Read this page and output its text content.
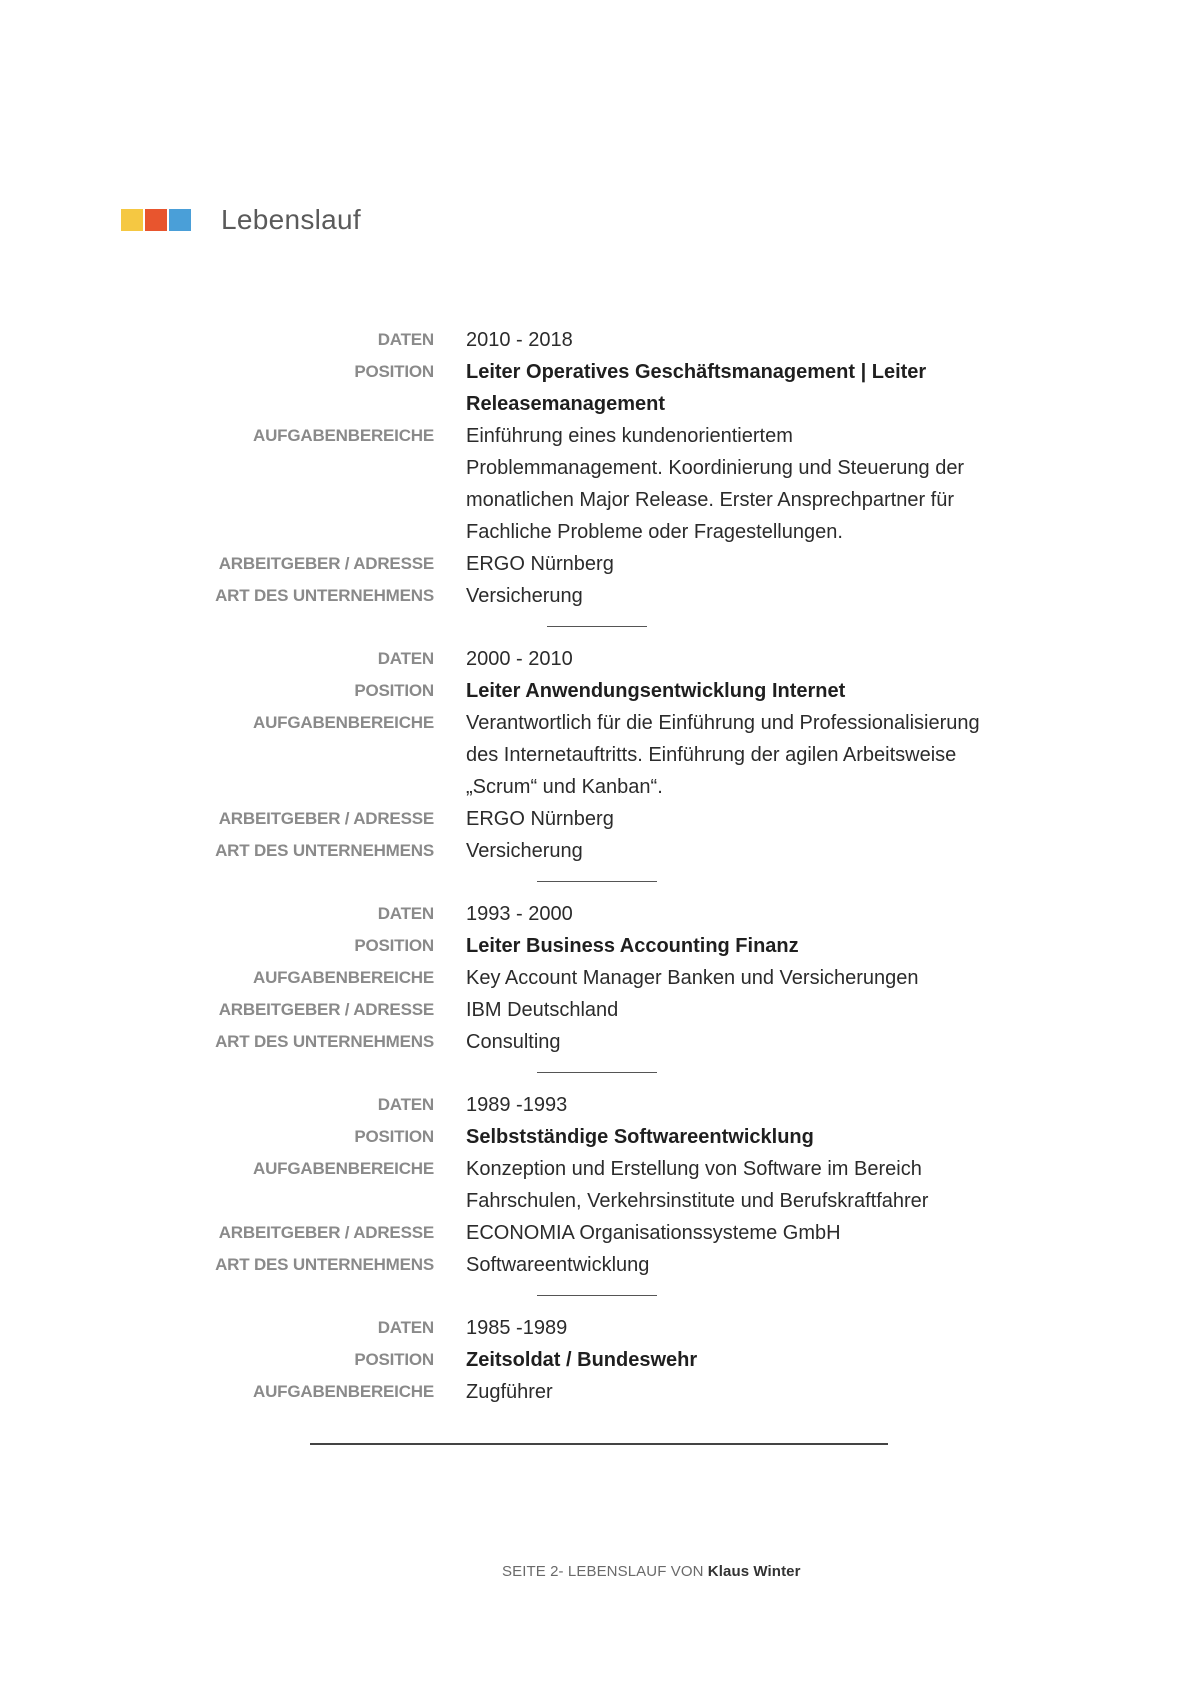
Lebenslauf
DATEN	2010 - 2018
POSITION	Leiter Operatives Geschäftsmanagement | Leiter Releasemanagement
AUFGABENBEREICHE	Einführung eines kundenorientiertem Problemmanagement. Koordinierung und Steuerung der monatlichen Major Release. Erster Ansprechpartner für Fachliche Probleme oder Fragestellungen.
ARBEITGEBER / ADRESSE	ERGO Nürnberg
ART DES UNTERNEHMENS	Versicherung
DATEN	2000 - 2010
POSITION	Leiter Anwendungsentwicklung Internet
AUFGABENBEREICHE	Verantwortlich für die Einführung und Professionalisierung des Internetauftritts. Einführung der agilen Arbeitsweise „Scrum“ und Kanban“.
ARBEITGEBER / ADRESSE	ERGO Nürnberg
ART DES UNTERNEHMENS	Versicherung
DATEN	1993 - 2000
POSITION	Leiter Business Accounting Finanz
AUFGABENBEREICHE	Key Account Manager Banken und Versicherungen
ARBEITGEBER / ADRESSE	IBM Deutschland
ART DES UNTERNEHMENS	Consulting
DATEN	1989 -1993
POSITION	Selbstständige Softwareentwicklung
AUFGABENBEREICHE	Konzeption und Erstellung von Software im Bereich Fahrschulen, Verkehrsinstitute und Berufskraftfahrer
ARBEITGEBER / ADRESSE	ECONOMIA Organisationssysteme GmbH
ART DES UNTERNEHMENS	Softwareentwicklung
DATEN	1985 -1989
POSITION	Zeitsoldat / Bundeswehr
AUFGABENBEREICHE	Zugführer
SEITE 2- LEBENSLAUF VON Klaus Winter
